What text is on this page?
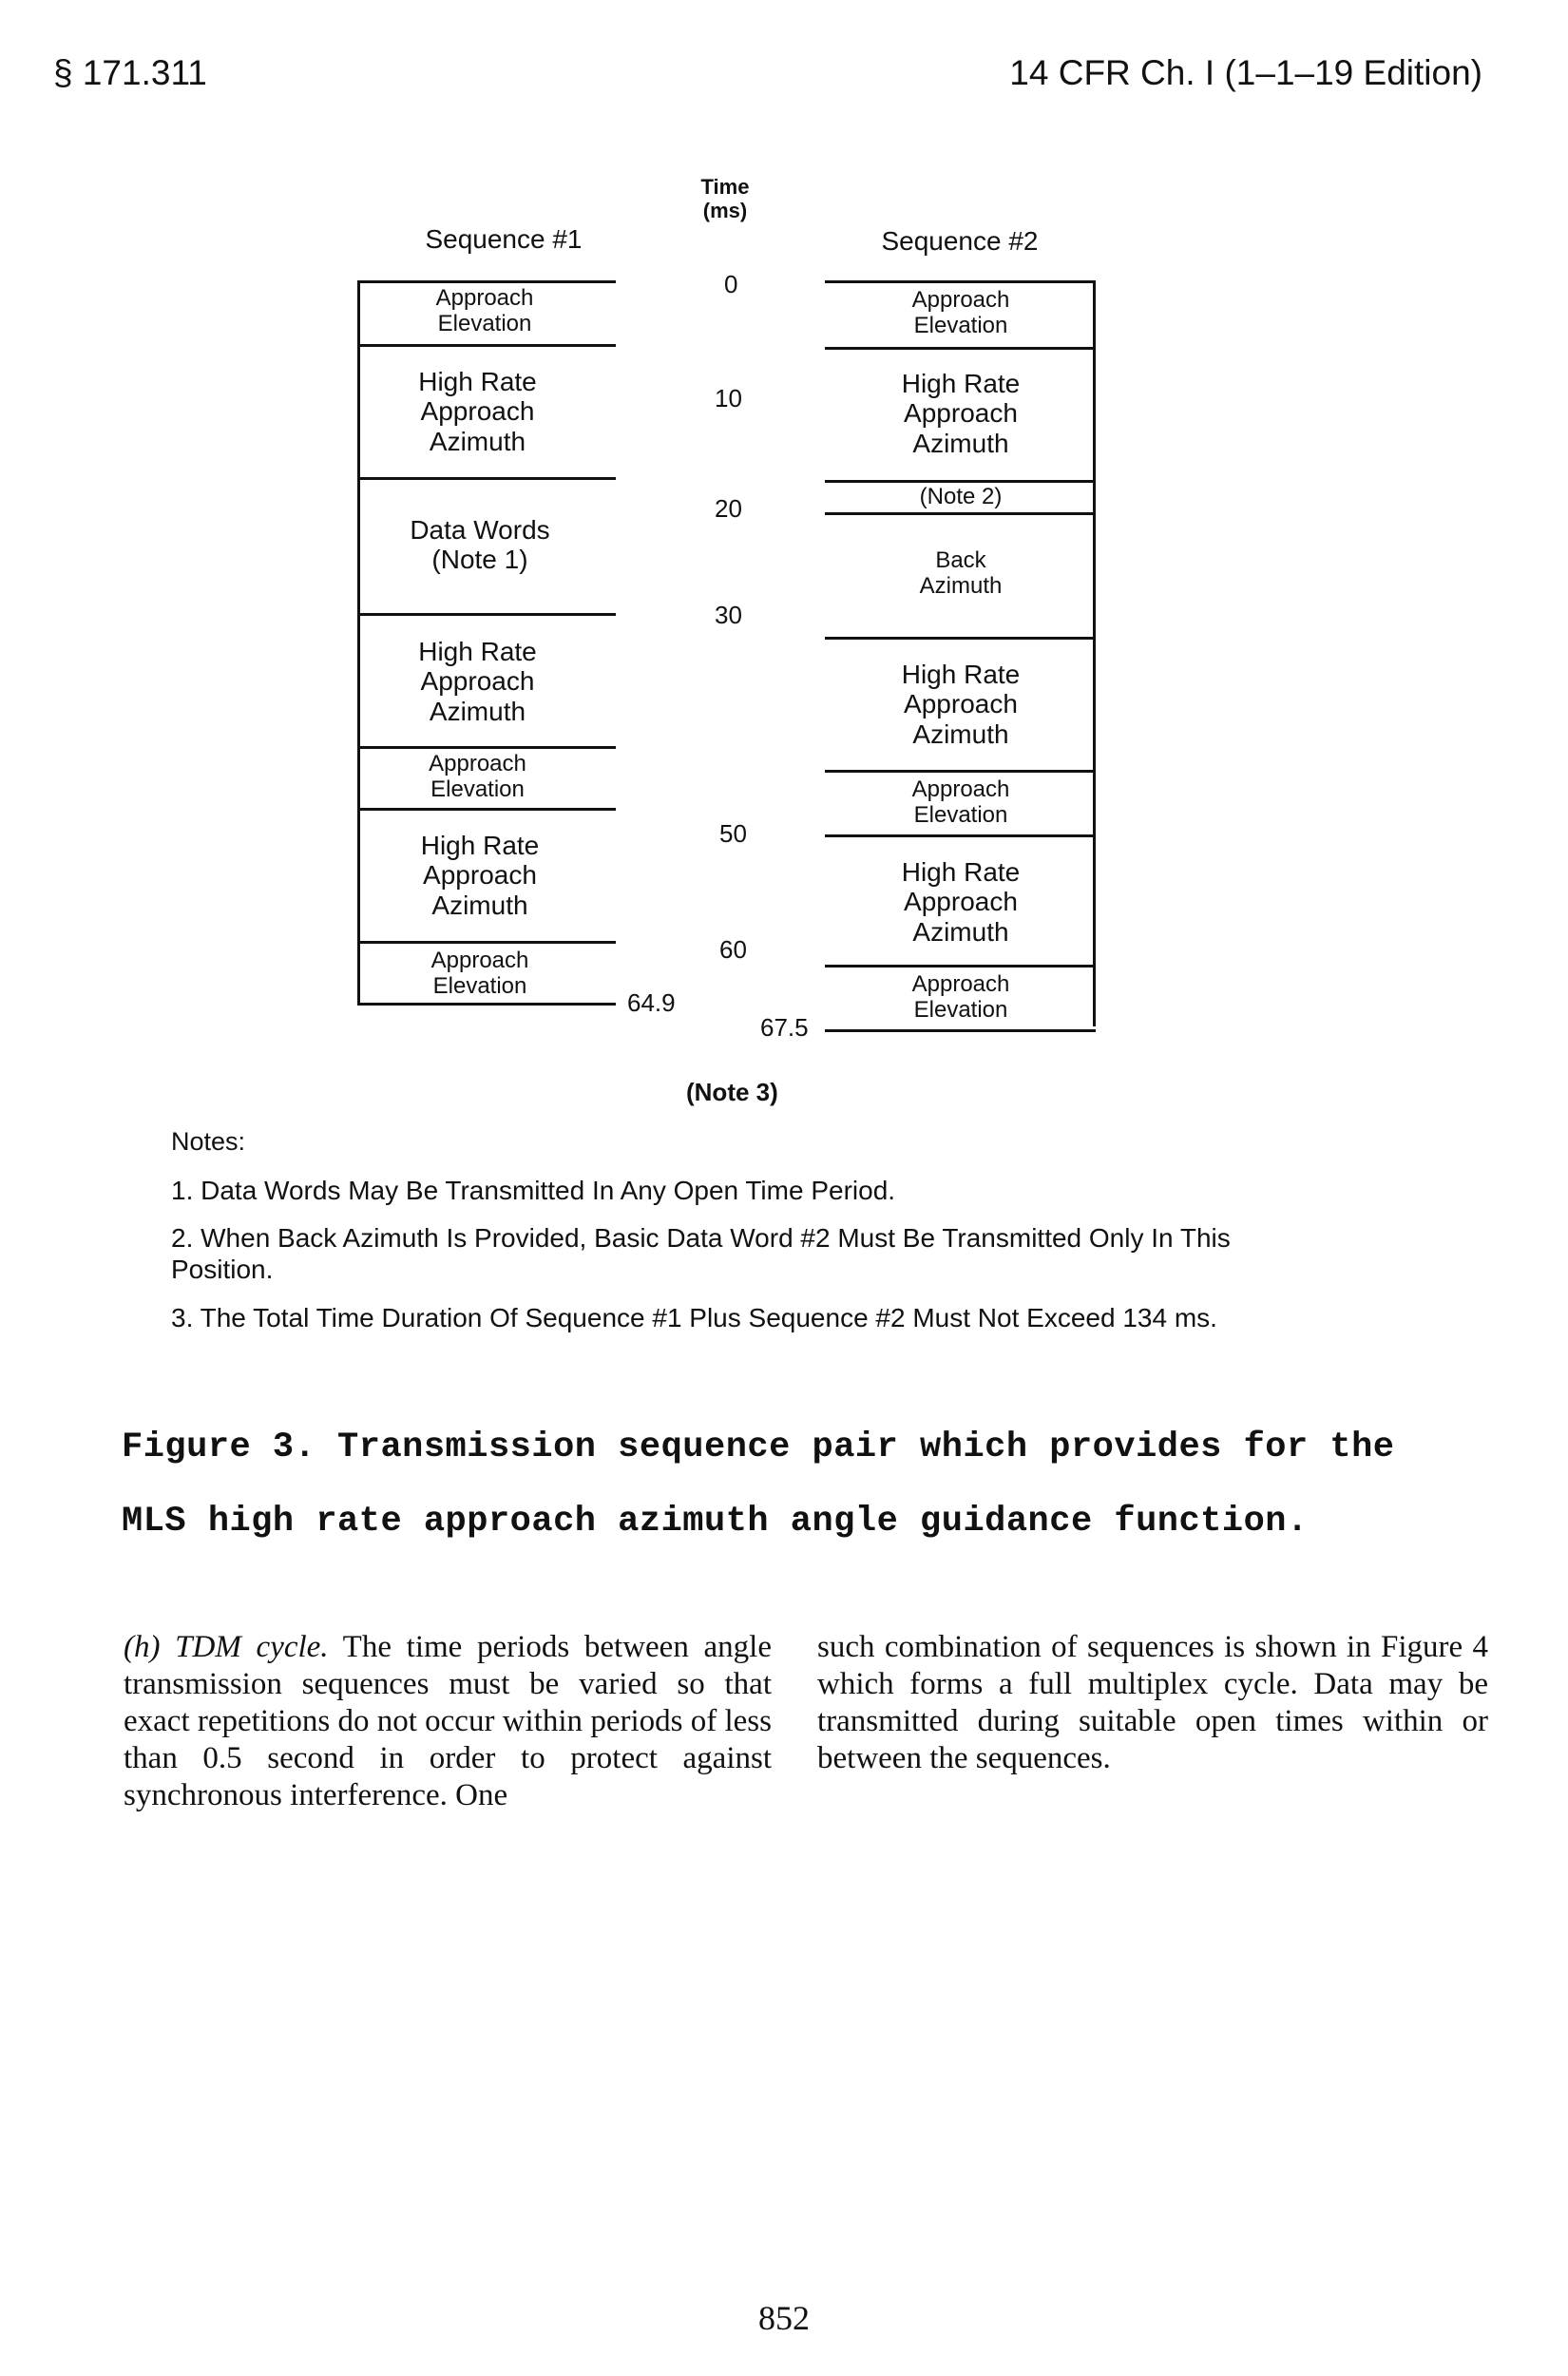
§ 171.311	14 CFR Ch. I (1–1–19 Edition)
Time
(ms)
Sequence #1
Approach
Elevation
High Rate
Approach
Azimuth
Data Words
(Note 1)
High Rate
Approach
Azimuth
Approach
Elevation
High Rate
Approach
Azimuth
Approach
Elevation
64.9
0
10
20
30
50
60
Sequence #2
Approach
Elevation
High Rate
Approach
Azimuth
(Note 2)
Back
Azimuth
High Rate
Approach
Azimuth
Approach
Elevation
High Rate
Approach
Azimuth
Approach
Elevation
67.5
(Note 3)
Notes:
1. Data Words May Be Transmitted In Any Open Time Period.
2. When Back Azimuth Is Provided, Basic Data Word #2 Must Be Transmitted Only In This Position.
3. The Total Time Duration Of Sequence #1 Plus Sequence #2 Must Not Exceed 134 ms.
Figure 3. Transmission sequence pair which provides for the
MLS high rate approach azimuth angle guidance function.

(h) TDM cycle. The time periods between angle transmission sequences must be varied so that exact repetitions do not occur within periods of less than 0.5 second in order to protect against synchronous interference. One

such combination of sequences is shown in Figure 4 which forms a full multiplex cycle. Data may be transmitted during suitable open times within or between the sequences.

852
